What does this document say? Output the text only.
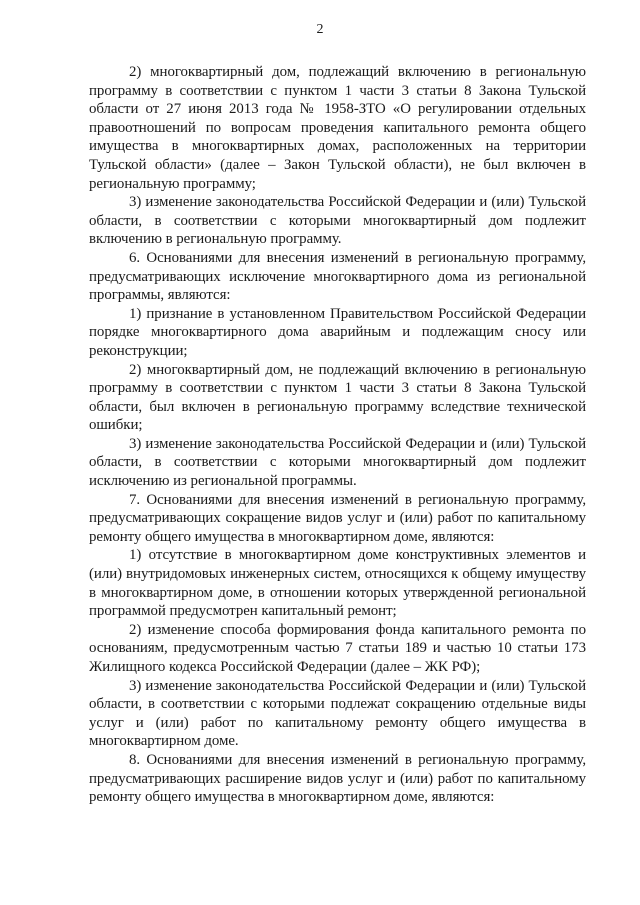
2

2) многоквартирный дом, подлежащий включению в региональную программу в соответствии с пунктом 1 части 3 статьи 8 Закона Тульской области от 27 июня 2013 года № 1958-ЗТО «О регулировании отдельных правоотношений по вопросам проведения капитального ремонта общего имущества в многоквартирных домах, расположенных на территории Тульской области» (далее – Закон Тульской области), не был включен в региональную программу;

3) изменение законодательства Российской Федерации и (или) Тульской области, в соответствии с которыми многоквартирный дом подлежит включению в региональную программу.

6. Основаниями для внесения изменений в региональную программу, предусматривающих исключение многоквартирного дома из региональной программы, являются:

1) признание в установленном Правительством Российской Федерации порядке многоквартирного дома аварийным и подлежащим сносу или реконструкции;

2) многоквартирный дом, не подлежащий включению в региональную программу в соответствии с пунктом 1 части 3 статьи 8 Закона Тульской области, был включен в региональную программу вследствие технической ошибки;

3) изменение законодательства Российской Федерации и (или) Тульской области, в соответствии с которыми многоквартирный дом подлежит исключению из региональной программы.

7. Основаниями для внесения изменений в региональную программу, предусматривающих сокращение видов услуг и (или) работ по капитальному ремонту общего имущества в многоквартирном доме, являются:

1) отсутствие в многоквартирном доме конструктивных элементов и (или) внутридомовых инженерных систем, относящихся к общему имуществу в многоквартирном доме, в отношении которых утвержденной региональной программой предусмотрен капитальный ремонт;

2) изменение способа формирования фонда капитального ремонта по основаниям, предусмотренным частью 7 статьи 189 и частью 10 статьи 173 Жилищного кодекса Российской Федерации (далее – ЖК РФ);

3) изменение законодательства Российской Федерации и (или) Тульской области, в соответствии с которыми подлежат сокращению отдельные виды услуг и (или) работ по капитальному ремонту общего имущества в многоквартирном доме.

8. Основаниями для внесения изменений в региональную программу, предусматривающих расширение видов услуг и (или) работ по капитальному ремонту общего имущества в многоквартирном доме, являются:
